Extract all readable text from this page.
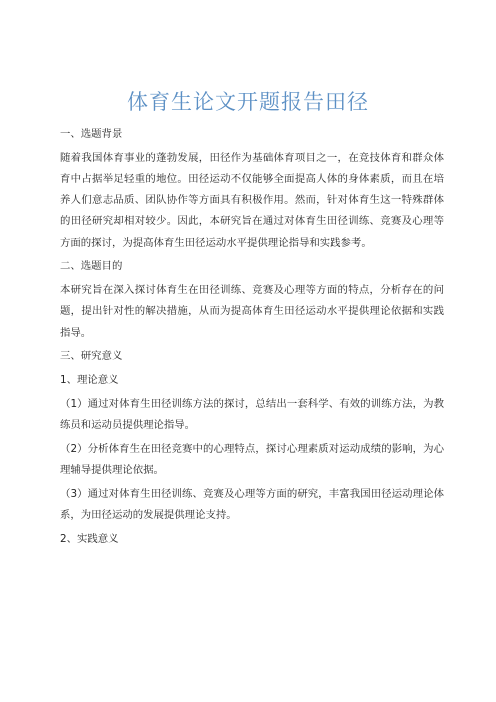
体育生论文开题报告田径
一、选题背景
随着我国体育事业的蓬勃发展，田径作为基础体育项目之一，在竞技体育和群众体育中占据举足轻重的地位。田径运动不仅能够全面提高人体的身体素质，而且在培养人们意志品质、团队协作等方面具有积极作用。然而，针对体育生这一特殊群体的田径研究却相对较少。因此，本研究旨在通过对体育生田径训练、竞赛及心理等方面的探讨，为提高体育生田径运动水平提供理论指导和实践参考。
二、选题目的
本研究旨在深入探讨体育生在田径训练、竞赛及心理等方面的特点，分析存在的问题，提出针对性的解决措施，从而为提高体育生田径运动水平提供理论依据和实践指导。
三、研究意义
1、理论意义
（1）通过对体育生田径训练方法的探讨，总结出一套科学、有效的训练方法，为教练员和运动员提供理论指导。
（2）分析体育生在田径竞赛中的心理特点，探讨心理素质对运动成绩的影响，为心理辅导提供理论依据。
（3）通过对体育生田径训练、竞赛及心理等方面的研究，丰富我国田径运动理论体系，为田径运动的发展提供理论支持。
2、实践意义
